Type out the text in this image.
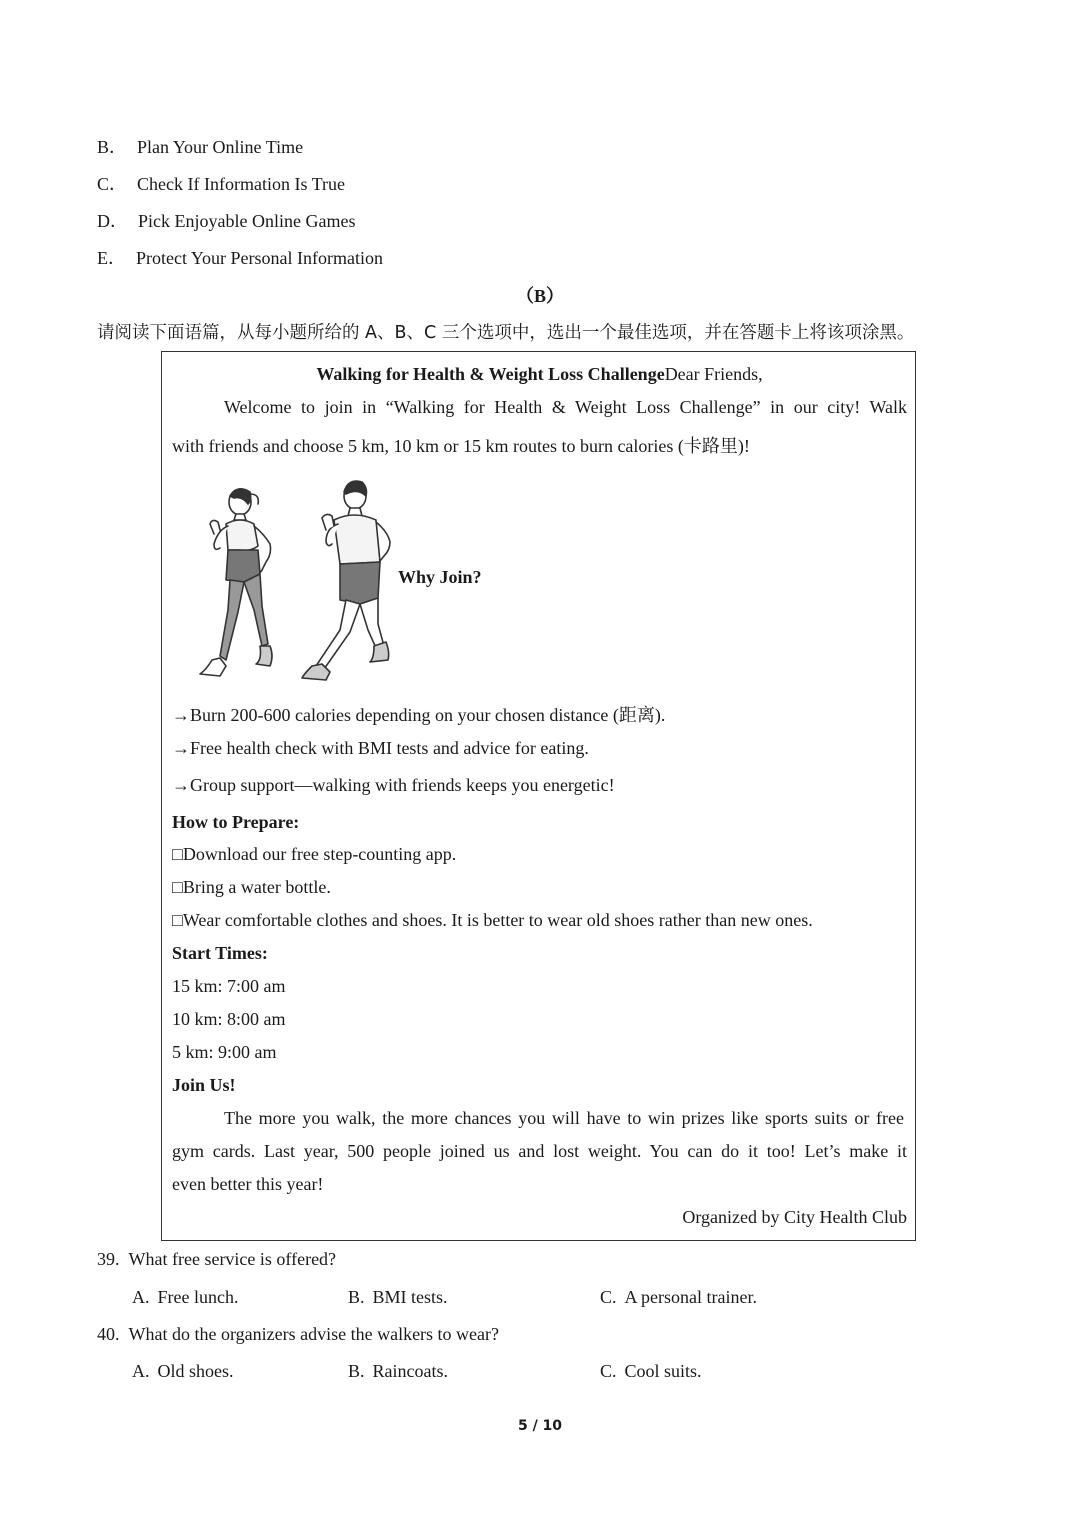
B． Plan Your Online Time
C． Check If Information Is True
D． Pick Enjoyable Online Games
E． Protect Your Personal Information
（B）
请阅读下面语篇，从每小题所给的 A、B、C 三个选项中，选出一个最佳选项，并在答题卡上将该项涂黑。
Walking for Health & Weight Loss ChallengeDear Friends,
Welcome to join in “Walking for Health & Weight Loss Challenge” in our city! Walk
with friends and choose 5 km, 10 km or 15 km routes to burn calories (卡路里)!
Why Join?
→Burn 200-600 calories depending on your chosen distance (距离).
→Free health check with BMI tests and advice for eating.
→Group support—walking with friends keeps you energetic!
How to Prepare:
□Download our free step-counting app.
□Bring a water bottle.
□Wear comfortable clothes and shoes. It is better to wear old shoes rather than new ones.
Start Times:
15 km: 7:00 am
10 km: 8:00 am
5 km: 9:00 am
Join Us!
The more you walk, the more chances you will have to win prizes like sports suits or free
gym cards. Last year, 500 people joined us and lost weight. You can do it too! Let’s make it
even better this year!
Organized by City Health Club
39. What free service is offered?
A. Free lunch.	B. BMI tests.	C. A personal trainer.
40. What do the organizers advise the walkers to wear?
A. Old shoes.	B. Raincoats.	C. Cool suits.
5 / 10
